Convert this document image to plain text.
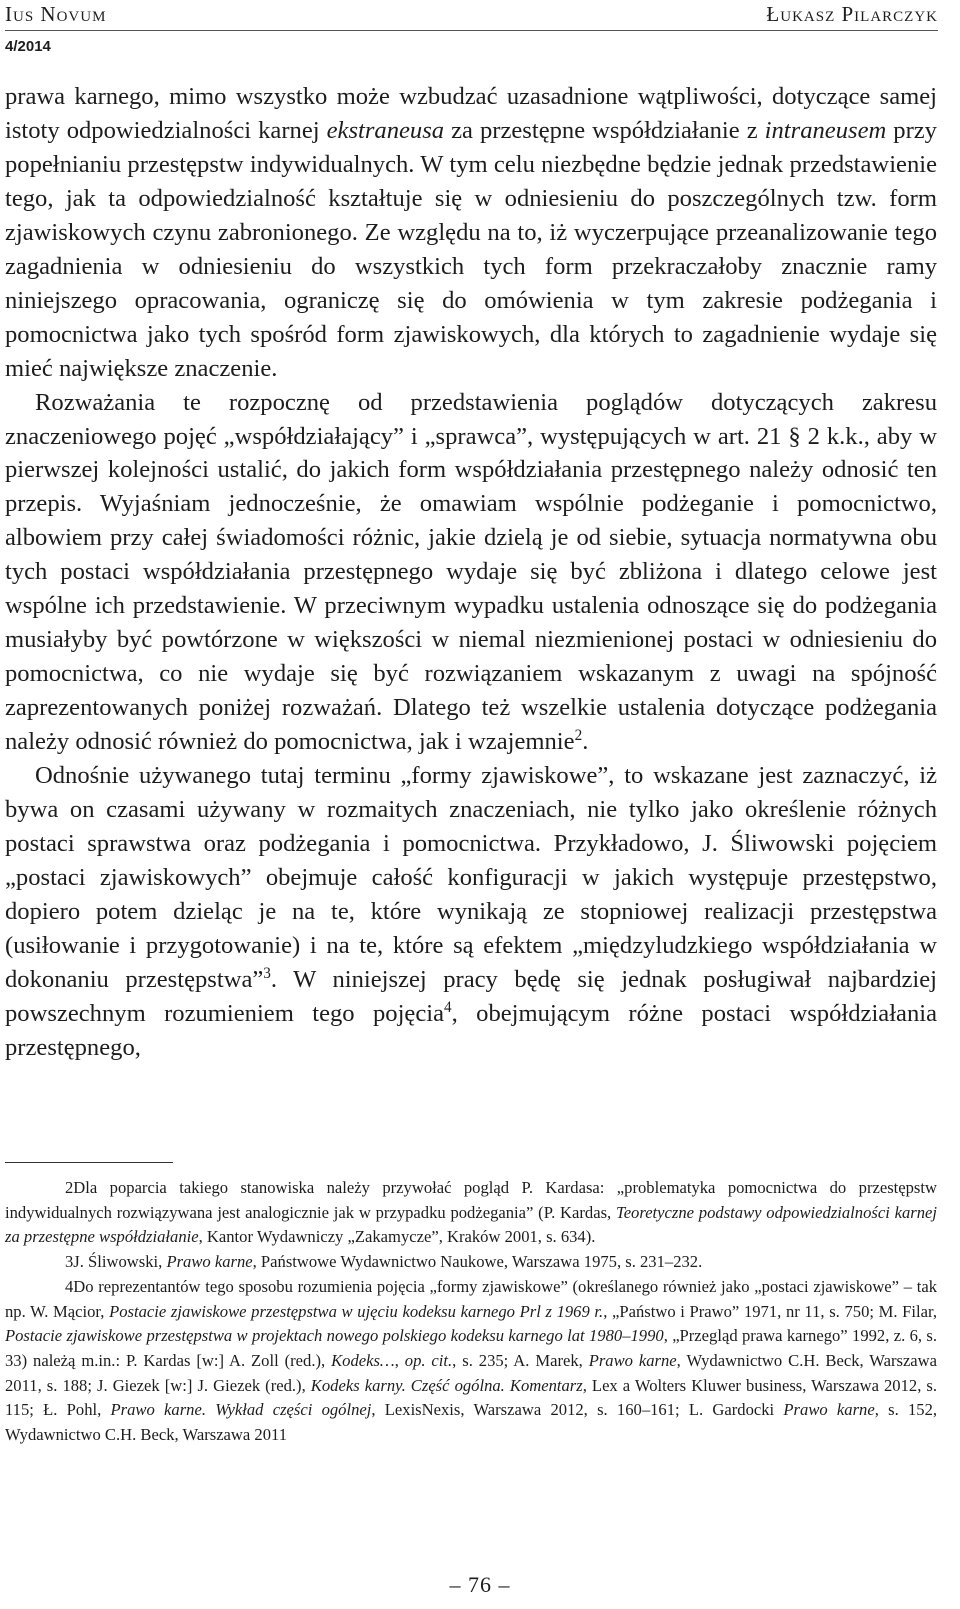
Ius Novum	Łukasz Pilarczyk
4/2014

prawa karnego, mimo wszystko może wzbudzać uzasadnione wątpliwości, dotyczące samej istoty odpowiedzialności karnej ekstraneusa za przestępne współdziałanie z intraneusem przy popełnianiu przestępstw indywidualnych. W tym celu niezbędne będzie jednak przedstawienie tego, jak ta odpowiedzialność kształtuje się w odniesieniu do poszczególnych tzw. form zjawiskowych czynu zabronionego. Ze względu na to, iż wyczerpujące przeanalizowanie tego zagadnienia w odniesieniu do wszystkich tych form przekraczałoby znacznie ramy niniejszego opracowania, ograniczę się do omówienia w tym zakresie podżegania i pomocnictwa jako tych spośród form zjawiskowych, dla których to zagadnienie wydaje się mieć największe znaczenie.

Rozważania te rozpocznę od przedstawienia poglądów dotyczących zakresu znaczeniowego pojęć „współdziałający” i „sprawca”, występujących w art. 21 § 2 k.k., aby w pierwszej kolejności ustalić, do jakich form współdziałania przestępnego należy odnosić ten przepis. Wyjaśniam jednocześnie, że omawiam wspólnie podżeganie i pomocnictwo, albowiem przy całej świadomości różnic, jakie dzielą je od siebie, sytuacja normatywna obu tych postaci współdziałania przestępnego wydaje się być zbliżona i dlatego celowe jest wspólne ich przedstawienie. W przeciwnym wypadku ustalenia odnoszące się do podżegania musiałyby być powtórzone w większości w niemal niezmienionej postaci w odniesieniu do pomocnictwa, co nie wydaje się być rozwiązaniem wskazanym z uwagi na spójność zaprezentowanych poniżej rozważań. Dlatego też wszelkie ustalenia dotyczące podżegania należy odnosić również do pomocnictwa, jak i wzajemnie$^2$.

Odnośnie używanego tutaj terminu „formy zjawiskowe”, to wskazane jest zaznaczyć, iż bywa on czasami używany w rozmaitych znaczeniach, nie tylko jako określenie różnych postaci sprawstwa oraz podżegania i pomocnictwa. Przykładowo, J. Śliwowski pojęciem „postaci zjawiskowych” obejmuje całość konfiguracji w jakich występuje przestępstwo, dopiero potem dzieląc je na te, które wynikają ze stopniowej realizacji przestępstwa (usiłowanie i przygotowanie) i na te, które są efektem „międzyludzkiego współdziałania w dokonaniu przestępstwa”$^3$. W niniejszej pracy będę się jednak posługiwał najbardziej powszechnym rozumieniem tego pojęcia$^4$, obejmującym różne postaci współdziałania przestępnego,

2Dla poparcia takiego stanowiska należy przywołać pogląd P. Kardasa: „problematyka pomocnictwa do przestępstw indywidualnych rozwiązywana jest analogicznie jak w przypadku podżegania” (P. Kardas, Teoretyczne podstawy odpowiedzialności karnej za przestępne współdziałanie, Kantor Wydawniczy „Zakamycze”, Kraków 2001, s. 634).

3J. Śliwowski, Prawo karne, Państwowe Wydawnictwo Naukowe, Warszawa 1975, s. 231–232.

4Do reprezentantów tego sposobu rozumienia pojęcia „formy zjawiskowe” (określanego również jako „postaci zjawiskowe” – tak np. W. Mącior, Postacie zjawiskowe przestępstwa w ujęciu kodeksu karnego Prl z 1969 r., „Państwo i Prawo” 1971, nr 11, s. 750; M. Filar, Postacie zjawiskowe przestępstwa w projektach nowego polskiego kodeksu karnego lat 1980–1990, „Przegląd prawa karnego” 1992, z. 6, s. 33) należą m.in.: P. Kardas [w:] A. Zoll (red.), Kodeks…, op. cit., s. 235; A. Marek, Prawo karne, Wydawnictwo C.H. Beck, Warszawa 2011, s. 188; J. Giezek [w:] J. Giezek (red.), Kodeks karny. Część ogólna. Komentarz, Lex a Wolters Kluwer business, Warszawa 2012, s. 115; Ł. Pohl, Prawo karne. Wykład części ogólnej, LexisNexis, Warszawa 2012, s. 160–161; L. Gardocki Prawo karne, s. 152, Wydawnictwo C.H. Beck, Warszawa 2011

– 76 –
